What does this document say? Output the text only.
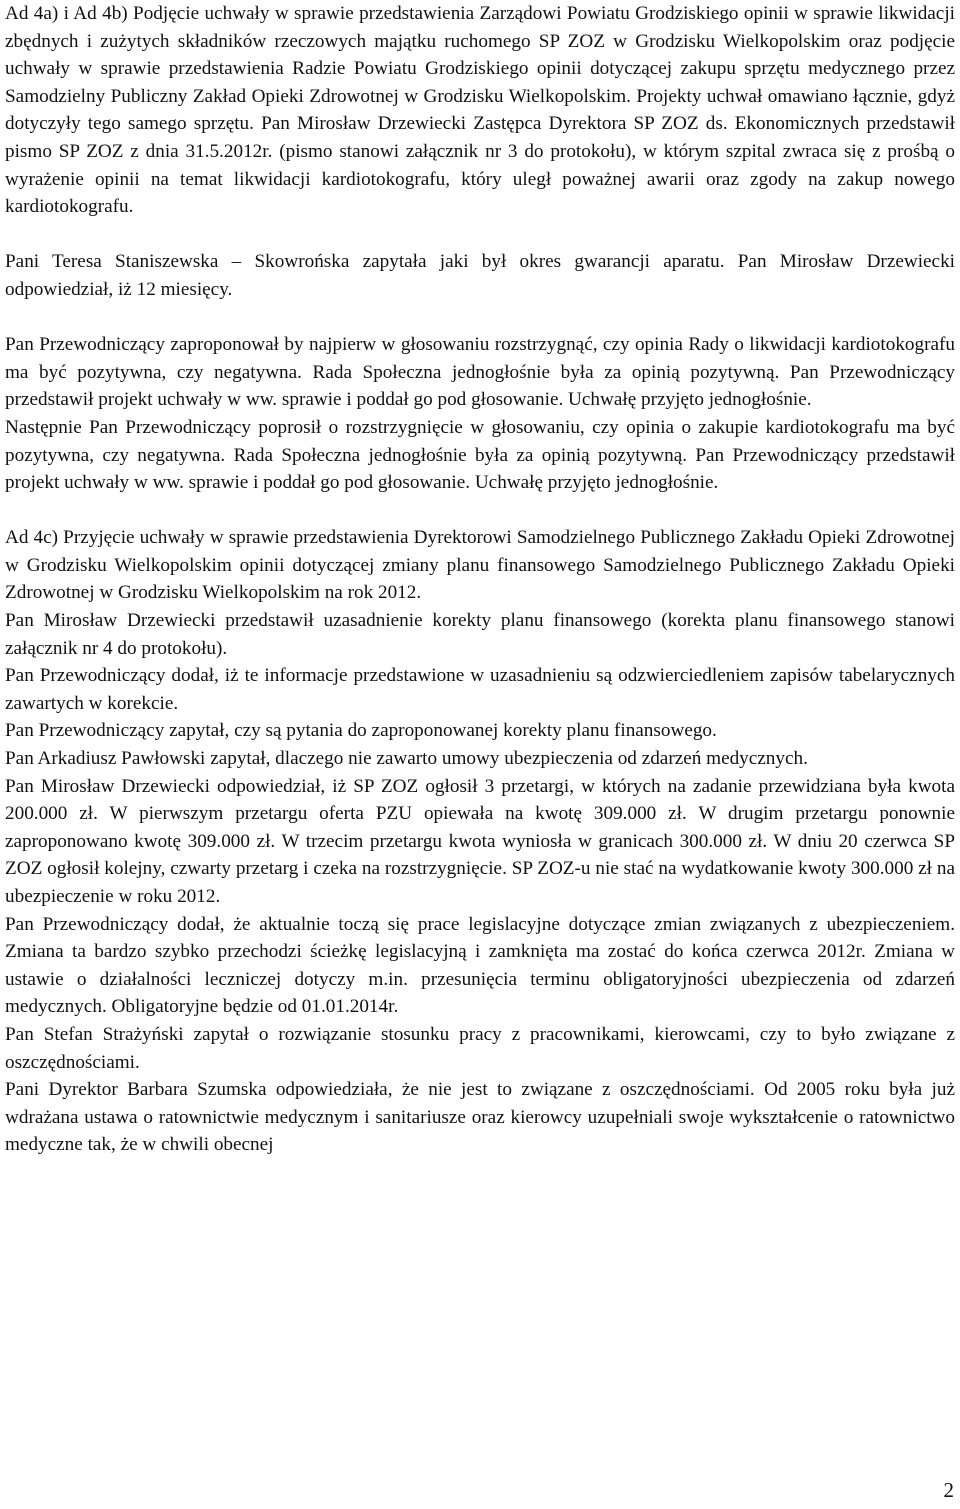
Ad 4a) i Ad 4b) Podjęcie uchwały w sprawie przedstawienia Zarządowi Powiatu Grodziskiego opinii w sprawie likwidacji zbędnych i zużytych składników rzeczowych majątku ruchomego SP ZOZ w Grodzisku Wielkopolskim oraz podjęcie uchwały w sprawie przedstawienia Radzie Powiatu Grodziskiego opinii dotyczącej zakupu sprzętu medycznego przez Samodzielny Publiczny Zakład Opieki Zdrowotnej w Grodzisku Wielkopolskim. Projekty uchwał omawiano łącznie, gdyż dotyczyły tego samego sprzętu. Pan Mirosław Drzewiecki Zastępca Dyrektora SP ZOZ ds. Ekonomicznych przedstawił pismo SP ZOZ z dnia 31.5.2012r. (pismo stanowi załącznik nr 3 do protokołu), w którym szpital zwraca się z prośbą o wyrażenie opinii na temat likwidacji kardiotokografu, który uległ poważnej awarii oraz zgody na zakup nowego kardiotokografu.

Pani Teresa Staniszewska – Skowrońska zapytała jaki był okres gwarancji aparatu. Pan Mirosław Drzewiecki odpowiedział, iż 12 miesięcy.

Pan Przewodniczący zaproponował by najpierw w głosowaniu rozstrzygnąć, czy opinia Rady o likwidacji kardiotokografu ma być pozytywna, czy negatywna. Rada Społeczna jednogłośnie była za opinią pozytywną. Pan Przewodniczący przedstawił projekt uchwały w ww. sprawie i poddał go pod głosowanie. Uchwałę przyjęto jednogłośnie.

Następnie Pan Przewodniczący poprosił o rozstrzygnięcie w głosowaniu, czy opinia o zakupie kardiotokografu ma być pozytywna, czy negatywna. Rada Społeczna jednogłośnie była za opinią pozytywną. Pan Przewodniczący przedstawił projekt uchwały w ww. sprawie i poddał go pod głosowanie. Uchwałę przyjęto jednogłośnie.

Ad 4c) Przyjęcie uchwały w sprawie przedstawienia Dyrektorowi Samodzielnego Publicznego Zakładu Opieki Zdrowotnej w Grodzisku Wielkopolskim opinii dotyczącej zmiany planu finansowego Samodzielnego Publicznego Zakładu Opieki Zdrowotnej w Grodzisku Wielkopolskim na rok 2012.

Pan Mirosław Drzewiecki przedstawił uzasadnienie korekty planu finansowego (korekta planu finansowego stanowi załącznik nr 4 do protokołu).

Pan Przewodniczący dodał, iż te informacje przedstawione w uzasadnieniu są odzwierciedleniem zapisów tabelarycznych zawartych w korekcie.

Pan Przewodniczący zapytał, czy są pytania do zaproponowanej korekty planu finansowego.

Pan Arkadiusz Pawłowski zapytał, dlaczego nie zawarto umowy ubezpieczenia od zdarzeń medycznych.

Pan Mirosław Drzewiecki odpowiedział, iż SP ZOZ ogłosił 3 przetargi, w których na zadanie przewidziana była kwota 200.000 zł. W pierwszym przetargu oferta PZU opiewała na kwotę 309.000 zł. W drugim przetargu ponownie zaproponowano kwotę 309.000 zł. W trzecim przetargu kwota wyniosła w granicach 300.000 zł. W dniu 20 czerwca SP ZOZ ogłosił kolejny, czwarty przetarg i czeka na rozstrzygnięcie. SP ZOZ-u nie stać na wydatkowanie kwoty 300.000 zł na ubezpieczenie w roku 2012.

Pan Przewodniczący dodał, że aktualnie toczą się prace legislacyjne dotyczące zmian związanych z ubezpieczeniem. Zmiana ta bardzo szybko przechodzi ścieżkę legislacyjną i zamknięta ma zostać do końca czerwca 2012r. Zmiana w ustawie o działalności leczniczej dotyczy m.in. przesunięcia terminu obligatoryjności ubezpieczenia od zdarzeń medycznych. Obligatoryjne będzie od 01.01.2014r.

Pan Stefan Strażyński zapytał o rozwiązanie stosunku pracy z pracownikami, kierowcami, czy to było związane z oszczędnościami.

Pani Dyrektor Barbara Szumska odpowiedziała, że nie jest to związane z oszczędnościami. Od 2005 roku była już wdrażana ustawa o ratownictwie medycznym i sanitariusze oraz kierowcy uzupełniali swoje wykształcenie o ratownictwo medyczne tak, że w chwili obecnej

2
